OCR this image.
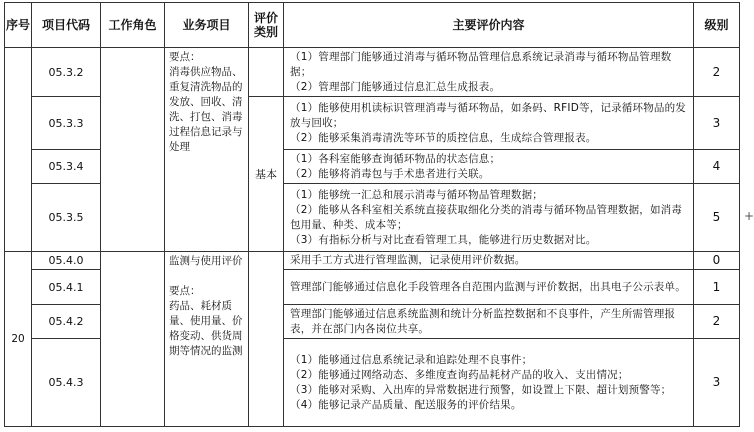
序号	项目代码	工作角色	业务项目	评价类别	主要评价内容	级别
	05.3.2		要点：
消毒供应物品、重复清洗物品的发放、回收、清洗、打包、消毒过程信息记录与处理		（1）管理部门能够通过消毒与循环物品管理信息系统记录消毒与循环物品管理数据；
（2）管理部门能够通过信息汇总生成报表。	2
	05.3.3			基本	（1）能够使用机读标识管理消毒与循环物品，如条码、RFID等，记录循环物品的发放与回收；
（2）能够采集消毒清洗等环节的质控信息，生成综合管理报表。	3
	05.3.4				（1）各科室能够查询循环物品的状态信息；
（2）能够将消毒包与手术患者进行关联。	4
	05.3.5				（1）能够统一汇总和展示消毒与循环物品管理数据；
（2）能够从各科室相关系统直接获取细化分类的消毒与循环物品管理数据，如消毒包用量、种类、成本等；
（3）有指标分析与对比查看管理工具，能够进行历史数据对比。	5
20	05.4.0		监测与使用评价
要点：
药品、耗材质量、使用量、价格变动、供货周期等情况的监测		采用手工方式进行管理监测，记录使用评价数据。	0
	05.4.1				管理部门能够通过信息化手段管理各自范围内监测与评价数据，出具电子公示表单。	1
	05.4.2				管理部门能够通过信息系统监测和统计分析监控数据和不良事件，产生所需管理报表，并在部门内各岗位共享。	2
	05.4.3				（1）能够通过信息系统记录和追踪处理不良事件；
（2）能够通过网络动态、多维度查询药品耗材产品的收入、支出情况；
（3）能够对采购、入出库的异常数据进行预警，如设置上下限、超计划预警等；
（4）能够记录产品质量、配送服务的评价结果。	3
+
